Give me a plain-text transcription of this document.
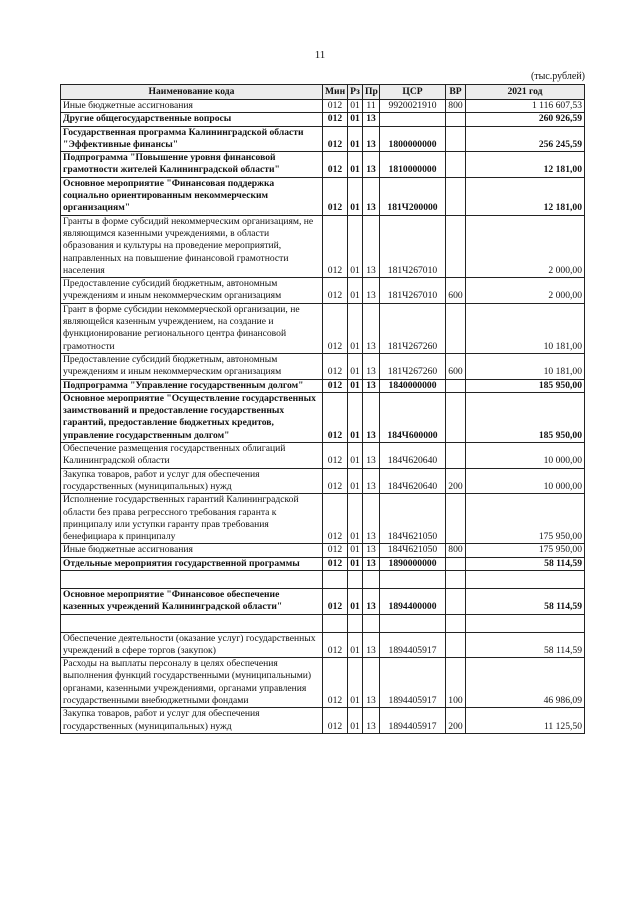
11
(тыс.рублей)
Наименование кода	Мин	Рз	Пр	ЦСР	ВР	2021 год
Иные бюджетные ассигнования	012	01	11	9920021910	800	1 116 607,53
Другие общегосударственные вопросы	012	01	13			260 926,59
Государственная программа Калининградской области "Эффективные финансы"	012	01	13	1800000000		256 245,59
Подпрограмма "Повышение уровня финансовой грамотности жителей Калининградской области"	012	01	13	1810000000		12 181,00
Основное мероприятие "Финансовая поддержка социально ориентированным некоммерческим организациям"	012	01	13	181Ч200000		12 181,00
Гранты в форме субсидий некоммерческим организациям, не являющимся казенными учреждениями, в области образования и культуры на проведение мероприятий, направленных на повышение финансовой грамотности населения	012	01	13	181Ч267010		2 000,00
Предоставление субсидий бюджетным, автономным учреждениям и иным некоммерческим организациям	012	01	13	181Ч267010	600	2 000,00
Грант в форме субсидии некоммерческой организации, не являющейся казенным учреждением, на создание и функционирование регионального центра финансовой грамотности	012	01	13	181Ч267260		10 181,00
Предоставление субсидий бюджетным, автономным учреждениям и иным некоммерческим организациям	012	01	13	181Ч267260	600	10 181,00
Подпрограмма "Управление государственным долгом"	012	01	13	1840000000		185 950,00
Основное мероприятие "Осуществление государственных заимствований и предоставление государственных гарантий, предоставление бюджетных кредитов, управление государственным долгом"	012	01	13	184Ч600000		185 950,00
Обеспечение размещения государственных облигаций Калининградской области	012	01	13	184Ч620640		10 000,00
Закупка товаров, работ и услуг для обеспечения государственных (муниципальных) нужд	012	01	13	184Ч620640	200	10 000,00
Исполнение государственных гарантий Калининградской области без права регрессного требования гаранта к принципалу или уступки гаранту прав требования бенефициара к принципалу	012	01	13	184Ч621050		175 950,00
Иные бюджетные ассигнования	012	01	13	184Ч621050	800	175 950,00
Отдельные мероприятия государственной программы	012	01	13	1890000000		58 114,59

Основное мероприятие "Финансовое обеспечение казенных учреждений Калининградской области"	012	01	13	1894400000		58 114,59

Обеспечение деятельности (оказание услуг) государственных учреждений в сфере торгов (закупок)	012	01	13	1894405917		58 114,59
Расходы на выплаты персоналу в целях обеспечения выполнения функций государственными (муниципальными) органами, казенными учреждениями, органами управления государственными внебюджетными фондами	012	01	13	1894405917	100	46 986,09
Закупка товаров, работ и услуг для обеспечения государственных (муниципальных) нужд	012	01	13	1894405917	200	11 125,50
